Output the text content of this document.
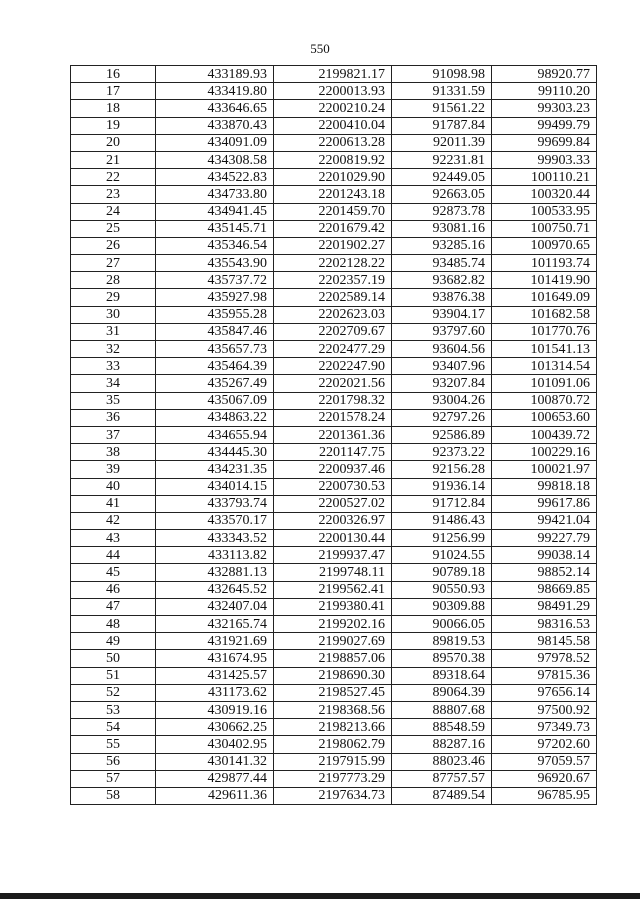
550
16	433189.93	2199821.17	91098.98	98920.77
17	433419.80	2200013.93	91331.59	99110.20
18	433646.65	2200210.24	91561.22	99303.23
19	433870.43	2200410.04	91787.84	99499.79
20	434091.09	2200613.28	92011.39	99699.84
21	434308.58	2200819.92	92231.81	99903.33
22	434522.83	2201029.90	92449.05	100110.21
23	434733.80	2201243.18	92663.05	100320.44
24	434941.45	2201459.70	92873.78	100533.95
25	435145.71	2201679.42	93081.16	100750.71
26	435346.54	2201902.27	93285.16	100970.65
27	435543.90	2202128.22	93485.74	101193.74
28	435737.72	2202357.19	93682.82	101419.90
29	435927.98	2202589.14	93876.38	101649.09
30	435955.28	2202623.03	93904.17	101682.58
31	435847.46	2202709.67	93797.60	101770.76
32	435657.73	2202477.29	93604.56	101541.13
33	435464.39	2202247.90	93407.96	101314.54
34	435267.49	2202021.56	93207.84	101091.06
35	435067.09	2201798.32	93004.26	100870.72
36	434863.22	2201578.24	92797.26	100653.60
37	434655.94	2201361.36	92586.89	100439.72
38	434445.30	2201147.75	92373.22	100229.16
39	434231.35	2200937.46	92156.28	100021.97
40	434014.15	2200730.53	91936.14	99818.18
41	433793.74	2200527.02	91712.84	99617.86
42	433570.17	2200326.97	91486.43	99421.04
43	433343.52	2200130.44	91256.99	99227.79
44	433113.82	2199937.47	91024.55	99038.14
45	432881.13	2199748.11	90789.18	98852.14
46	432645.52	2199562.41	90550.93	98669.85
47	432407.04	2199380.41	90309.88	98491.29
48	432165.74	2199202.16	90066.05	98316.53
49	431921.69	2199027.69	89819.53	98145.58
50	431674.95	2198857.06	89570.38	97978.52
51	431425.57	2198690.30	89318.64	97815.36
52	431173.62	2198527.45	89064.39	97656.14
53	430919.16	2198368.56	88807.68	97500.92
54	430662.25	2198213.66	88548.59	97349.73
55	430402.95	2198062.79	88287.16	97202.60
56	430141.32	2197915.99	88023.46	97059.57
57	429877.44	2197773.29	87757.57	96920.67
58	429611.36	2197634.73	87489.54	96785.95
